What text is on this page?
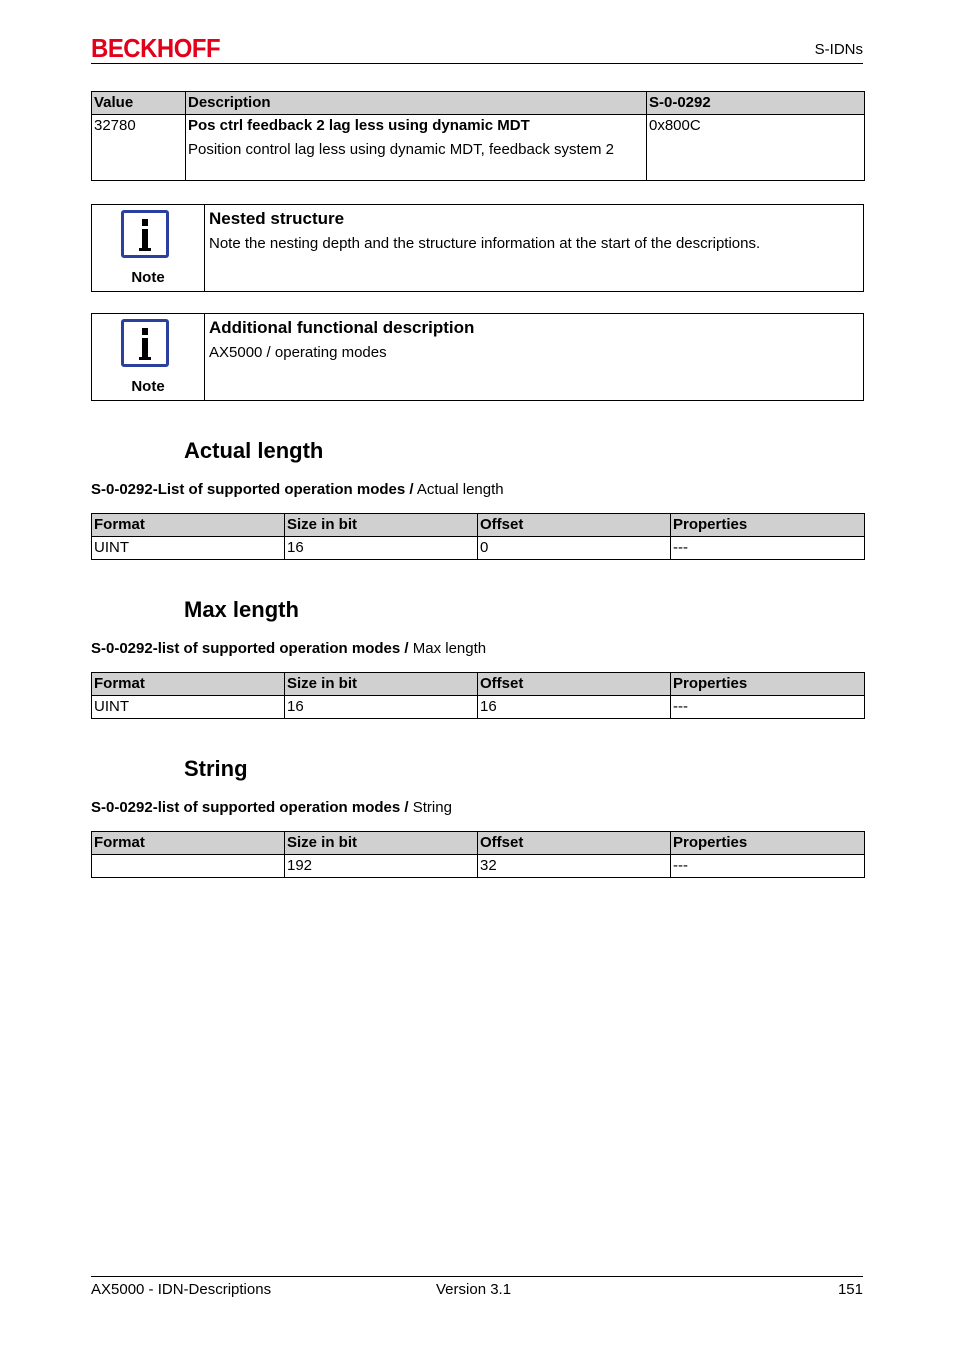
BECKHOFF	S-IDNs
Value	Description	S-0-0292
32780	Pos ctrl feedback 2 lag less using dynamic MDT
Position control lag less using dynamic MDT, feedback system 2	0x800C
Note
Nested structure
Note the nesting depth and the structure information at the start of the descriptions.
Note
Additional functional description
AX5000 / operating modes
Actual length
S-0-0292-List of supported operation modes / Actual length
Format	Size in bit	Offset	Properties
UINT	16	0	---
Max length
S-0-0292-list of supported operation modes / Max length
Format	Size in bit	Offset	Properties
UINT	16	16	---
String
S-0-0292-list of supported operation modes / String
Format	Size in bit	Offset	Properties
	192	32	---
AX5000 - IDN-Descriptions	Version 3.1	151
